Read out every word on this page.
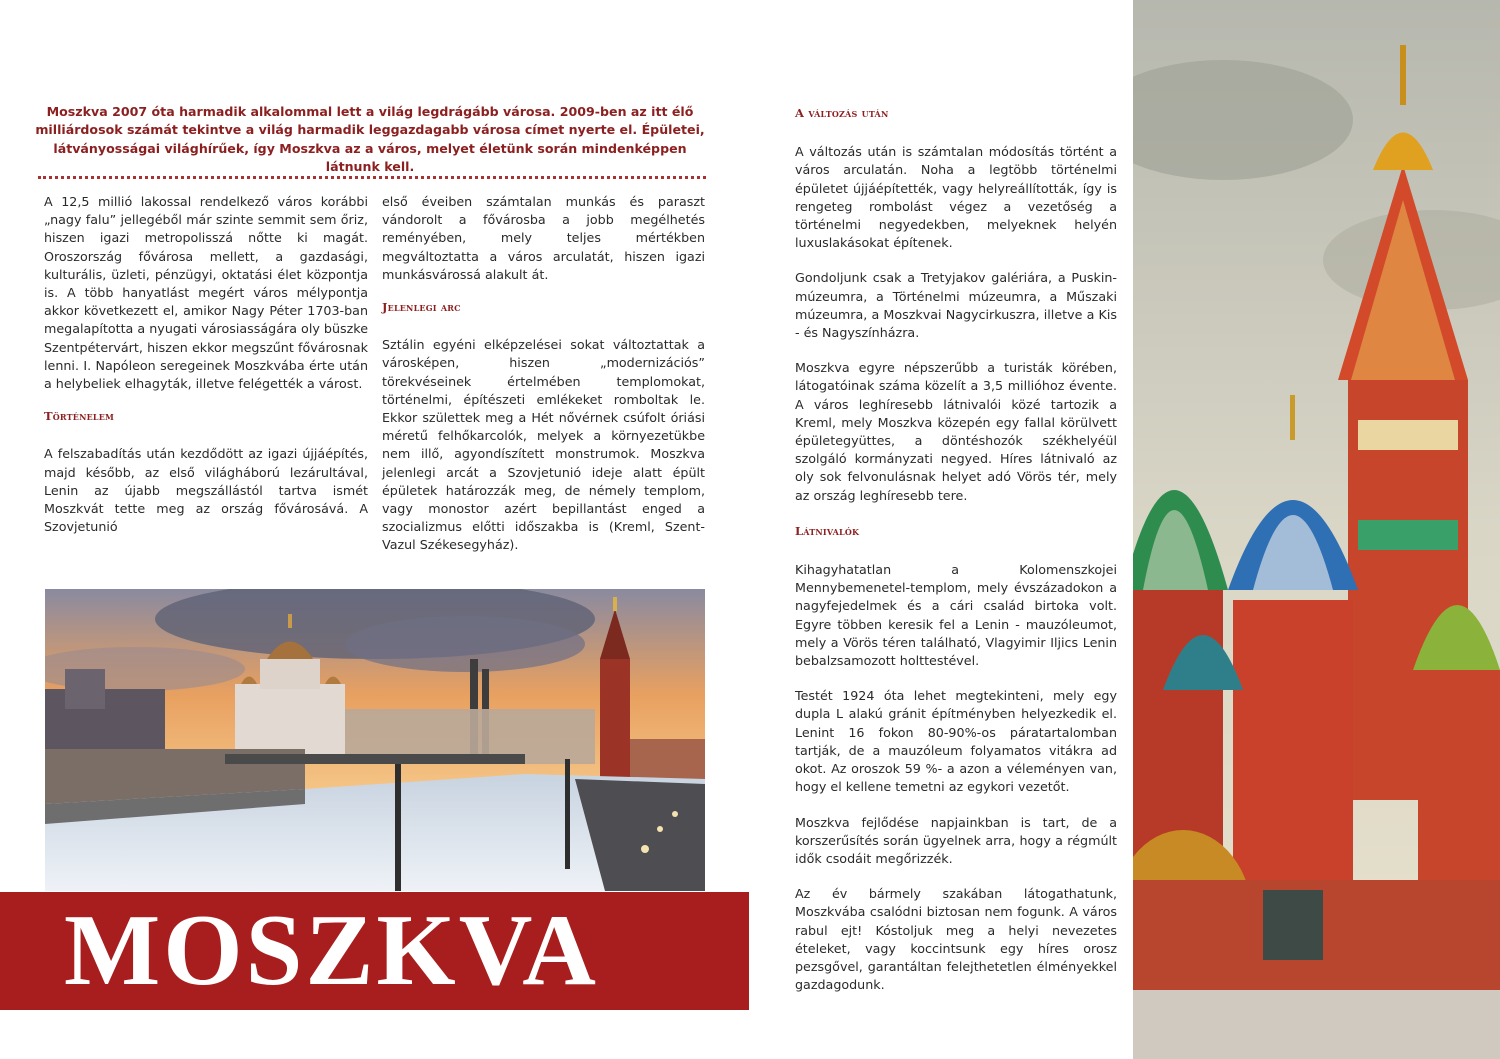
Moszkva 2007 óta harmadik alkalommal lett a világ legdrágább városa. 2009-ben az itt élő milliárdosok számát tekintve a világ harmadik leggazdagabb városa címet nyerte el. Épületei, látványosságai világhírűek, így Moszkva az a város, melyet életünk során mindenképpen látnunk kell.

A 12,5 millió lakossal rendelkező város korábbi „nagy falu” jellegéből már szinte semmit sem őriz, hiszen igazi metropolisszá nőtte ki magát. Oroszország fővárosa mellett, a gazdasági, kulturális, üzleti, pénzügyi, oktatási élet központja is. A több hanyatlást megért város mélypontja akkor következett el, amikor Nagy Péter 1703-ban megalapította a nyugati városiasságára oly büszke Szentpétervárt, hiszen ekkor megszűnt fővárosnak lenni. I. Napóleon seregeinek Moszkvába érte után a helybeliek elhagyták, illetve felégették a várost.

Történelem

A felszabadítás után kezdődött az igazi újjáépítés, majd később, az első világháború lezárultával, Lenin az újabb megszállástól tartva ismét Moszkvát tette meg az ország fővárosává. A Szovjetunió

első éveiben számtalan munkás és paraszt vándorolt a fővárosba a jobb megélhetés reményében, mely teljes mértékben megváltoztatta a város arculatát, hiszen igazi munkásvárossá alakult át.

Jelenlegi arc

Sztálin egyéni elképzelései sokat változtattak a városképen, hiszen „modernizációs” törekvéseinek értelmében templomokat, történelmi, építészeti emlékeket romboltak le. Ekkor születtek meg a Hét nővérnek csúfolt óriási méretű felhőkarcolók, melyek a környezetükbe nem illő, agyondíszített monstrumok. Moszkva jelenlegi arcát a Szovjetunió ideje alatt épült épületek határozzák meg, de némely templom, vagy monostor azért bepillantást enged a szocializmus előtti időszakba is (Kreml, Szent-Vazul Székesegyház).

MOSZKVA
A változás után

A változás után is számtalan módosítás történt a város arculatán. Noha a legtöbb történelmi épületet újjáépítették, vagy helyreállították, így is rengeteg rombolást végez a vezetőség a történelmi negyedekben, melyeknek helyén luxuslakásokat építenek.

Gondoljunk csak a Tretyjakov galériára, a Puskin-múzeumra, a Történelmi múzeumra, a Műszaki múzeumra, a Moszkvai Nagycirkuszra, illetve a Kis - és Nagyszínházra.

Moszkva egyre népszerűbb a turisták körében, látogatóinak száma közelít a 3,5 millióhoz évente. A város leghíresebb látnivalói közé tartozik a Kreml, mely Moszkva közepén egy fallal körülvett épületegyüttes, a döntéshozók székhelyéül szolgáló kormányzati negyed. Híres látnivaló az oly sok felvonulásnak helyet adó Vörös tér, mely az ország leghíresebb tere.

Látnivalók

Kihagyhatatlan a Kolomenszkojei Mennybemenetel-templom, mely évszázadokon a nagyfejedelmek és a cári család birtoka volt. Egyre többen keresik fel a Lenin - mauzóleumot, mely a Vörös téren található, Vlagyimir Iljics Lenin bebalzsamozott holttestével.

Testét 1924 óta lehet megtekinteni, mely egy dupla L alakú gránit építményben helyezkedik el. Lenint 16 fokon 80-90%-os páratartalomban tartják, de a mauzóleum folyamatos vitákra ad okot. Az oroszok 59 %- a azon a véleményen van, hogy el kellene temetni az egykori vezetőt.

Moszkva fejlődése napjainkban is tart, de a korszerűsítés során ügyelnek arra, hogy a régmúlt idők csodáit megőrizzék.

Az év bármely szakában látogathatunk, Moszkvába csalódni biztosan nem fogunk. A város rabul ejt! Kóstoljuk meg a helyi nevezetes ételeket, vagy koccintsunk egy híres orosz pezsgővel, garantáltan felejthetetlen élményekkel gazdagodunk.
